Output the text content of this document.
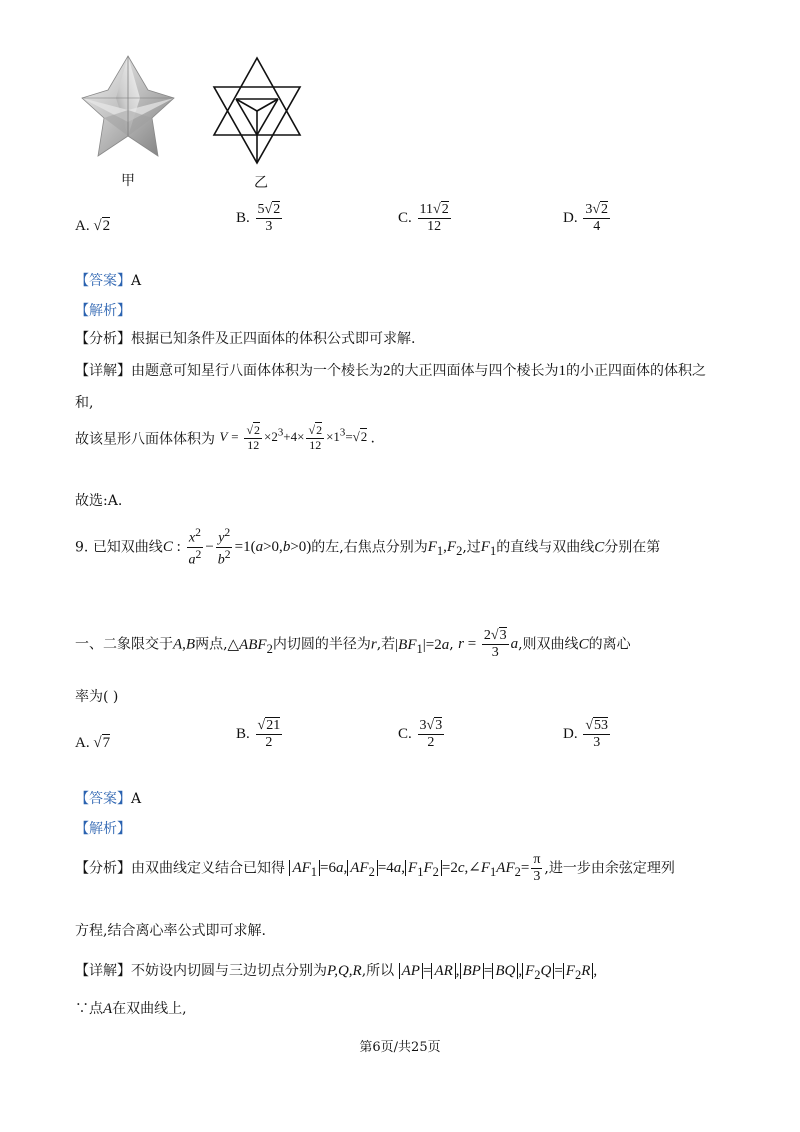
甲	乙
A. √2	B. $\frac{5√2}{3}$	C. $\frac{11√2}{12}$	D. $\frac{3√2}{4}$
【答案】A
【解析】
【分析】根据已知条件及正四面体的体积公式即可求解.
【详解】由题意可知星行八面体体积为一个棱长为2的大正四面体与四个棱长为1的小正四面体的体积之
和,
故该星形八面体体积为 $V = \frac{√2}{12} \times 2^3+4\times \frac{√2}{12} \times 1^3=√2$ .
故选:A.
9. 已知双曲线C : $\frac{x^2}{a^2} - \frac{y^2}{b^2} =1(a>0,b>0)$的左,右焦点分别为$F_1,F_2$,过$F_1$的直线与双曲线C分别在第
一、二象限交于A,B两点$,\triangle ABF_2$内切圆的半径为r,若$|BF_1|=2a$, $r = \frac{2√3}{3} a$,则双曲线C的离心
率为( )
A. √7
B. $\frac{√21}{2}$	C. $\frac{3√3}{2}$	D. $\frac{√53}{3}$
【答案】A
【解析】
【分析】由双曲线定义结合已知得 $AF_1 =6a$, $AF_2 =4a$, $F_1F_2$ $=2c,\angle F_1AF_2= \frac{\pi}{3}$ ,进一步由余弦定理列
方程,结合离心率公式即可求解.
【详解】不妨设内切圆与三边切点分别为P,Q,R,所以 AP = AR , BP = BQ , $F_2Q = F_2R$ ,
∵点A在双曲线上,
第6页/共25页
